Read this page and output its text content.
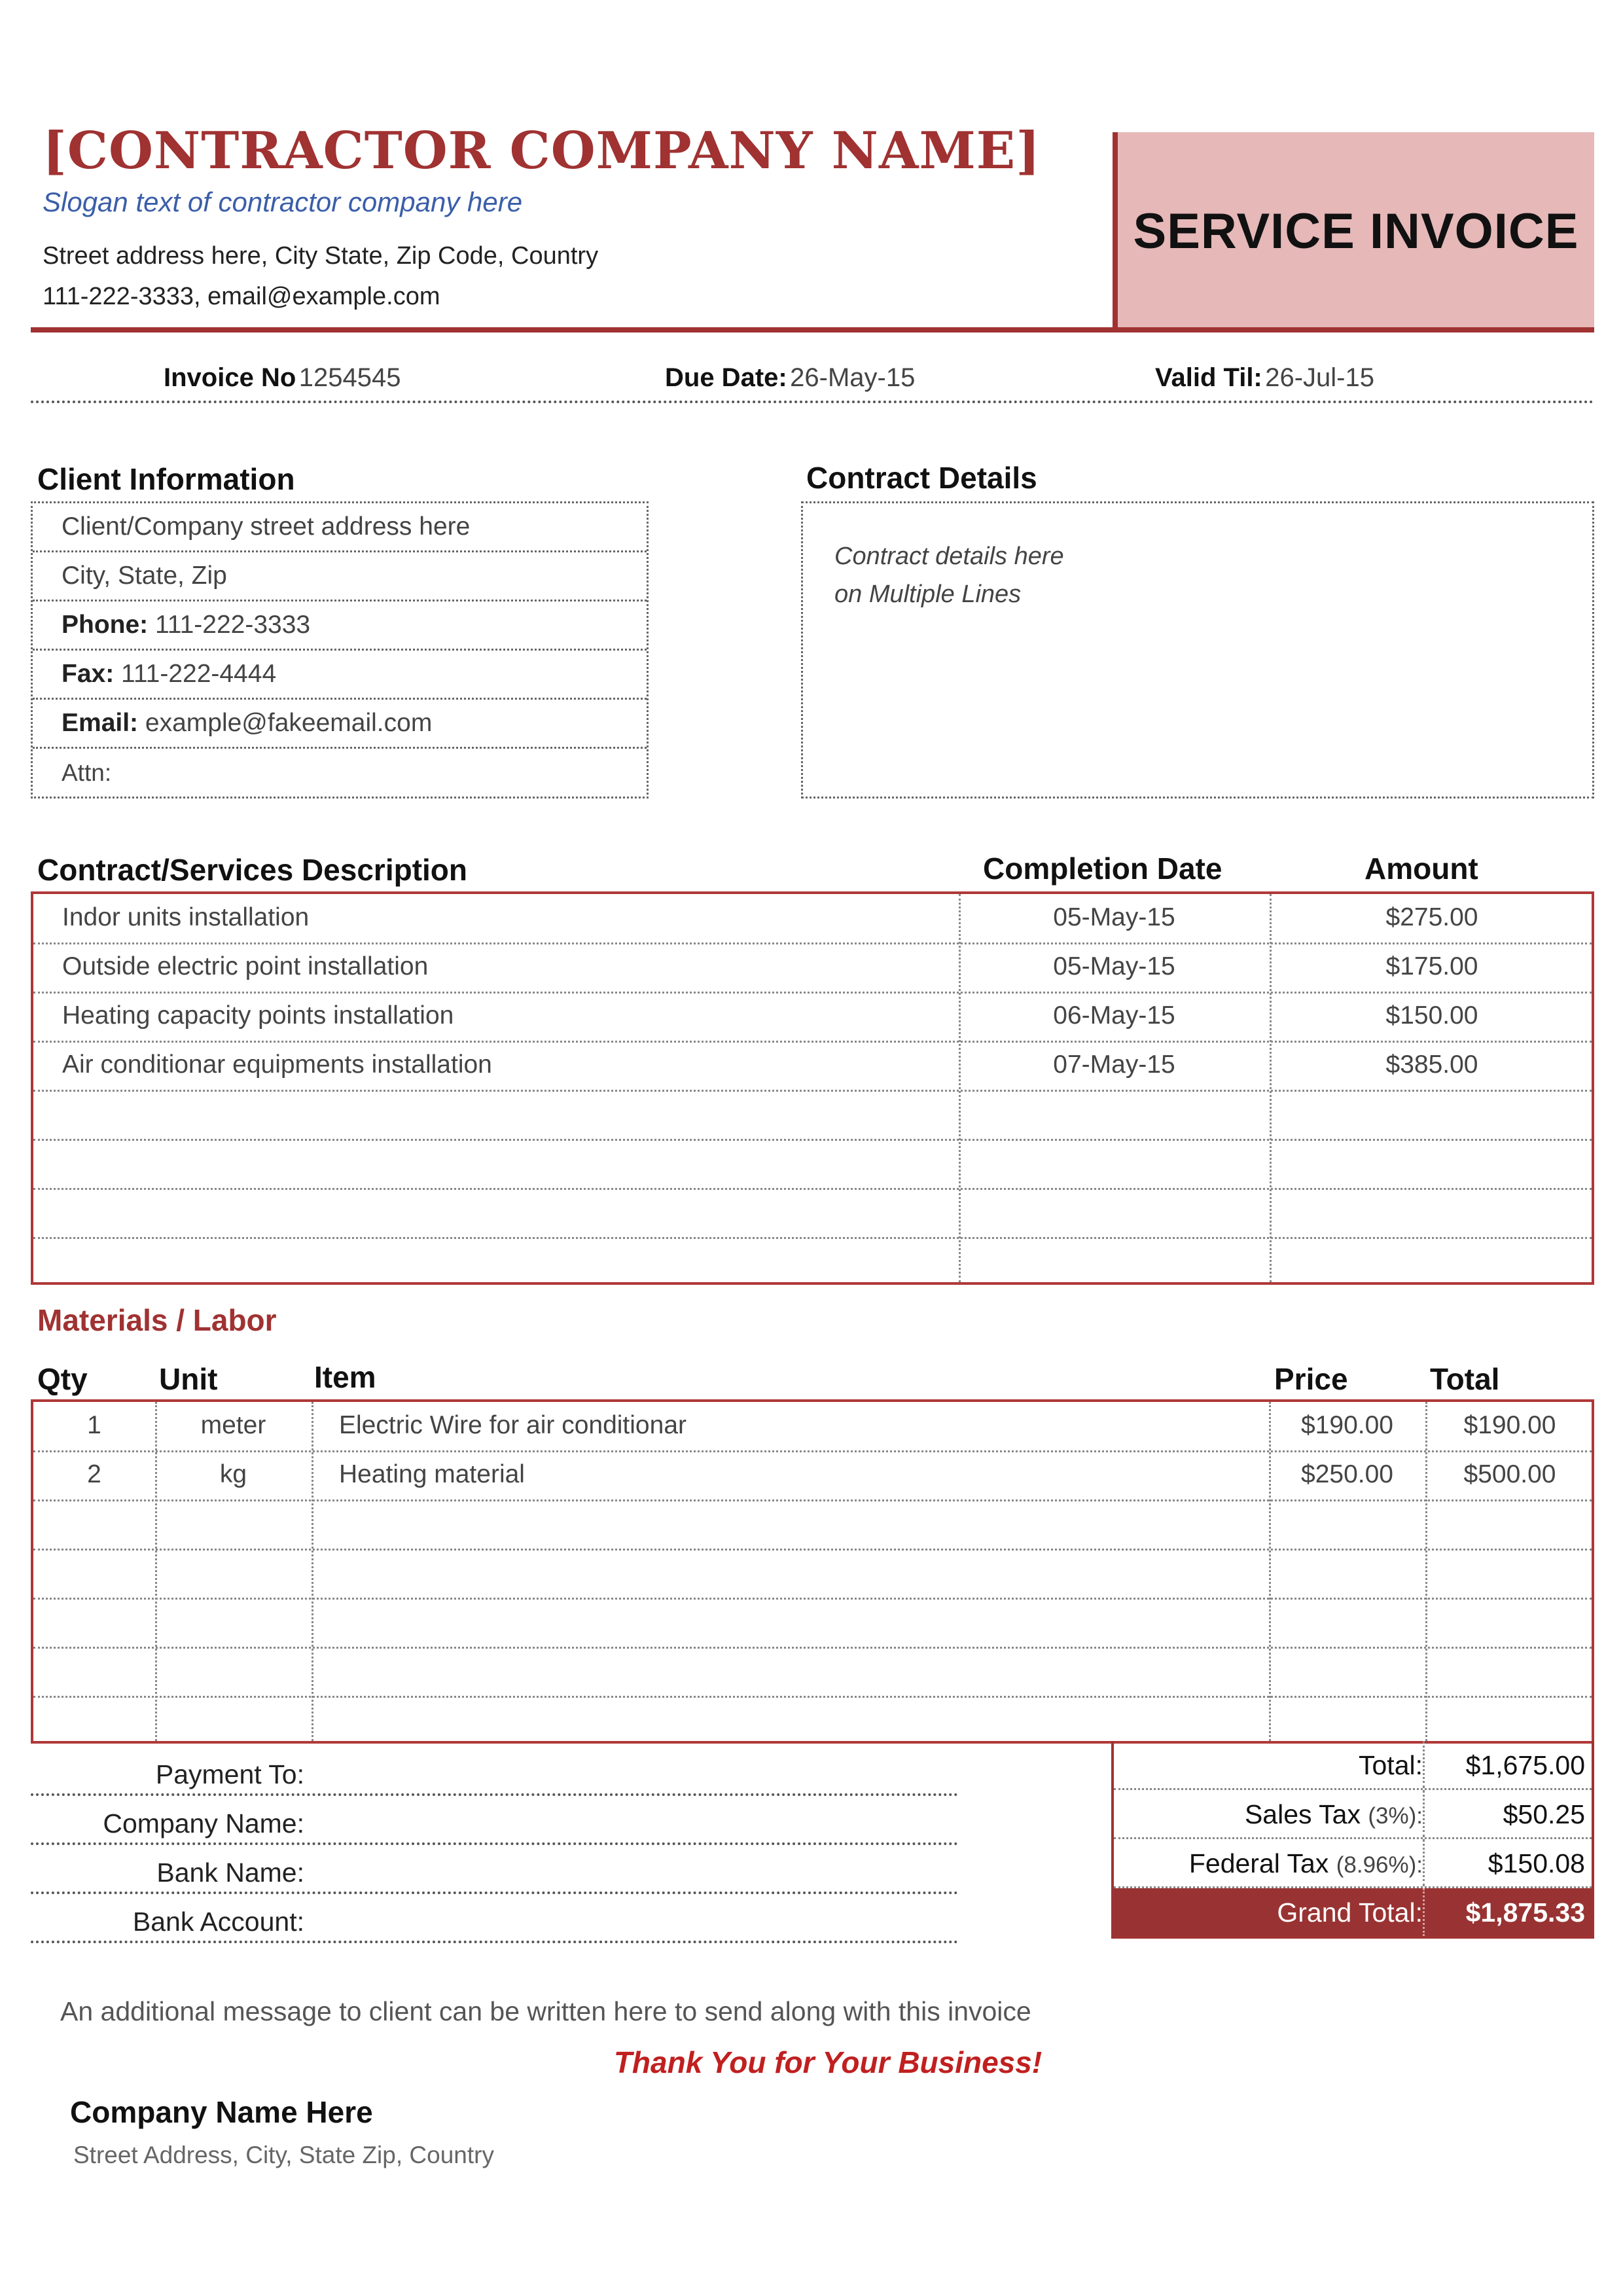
[CONTRACTOR COMPANY NAME]
Slogan text of contractor company here
Street address here, City State, Zip Code, Country
111-222-3333, email@example.com
SERVICE INVOICE
Invoice No 1254545	Due Date: 26-May-15	Valid Til: 26-Jul-15
Client Information
Client/Company street address here
City, State, Zip
Phone: 111-222-3333
Fax: 111-222-4444
Email: example@fakeemail.com
Attn:
Contract Details
Contract details here
on Multiple Lines
Contract/Services Description	Completion Date	Amount
Indor units installation	05-May-15	$275.00
Outside electric point installation	05-May-15	$175.00
Heating capacity points installation	06-May-15	$150.00
Air conditionar equipments installation	07-May-15	$385.00
Materials / Labor
Qty Unit	Item	Price	Total
1	meter	Electric Wire for air conditionar	$190.00	$190.00
2	kg	Heating material	$250.00	$500.00
Payment To:
Company Name:
Bank Name:
Bank Account:
Total: $1,675.00
Sales Tax (3%):	$50.25
Federal Tax (8.96%): $150.08
Grand Total: $1,875.33
An additional message to client can be written here to send along with this invoice
Thank You for Your Business!
Company Name Here
Street Address, City, State Zip, Country
